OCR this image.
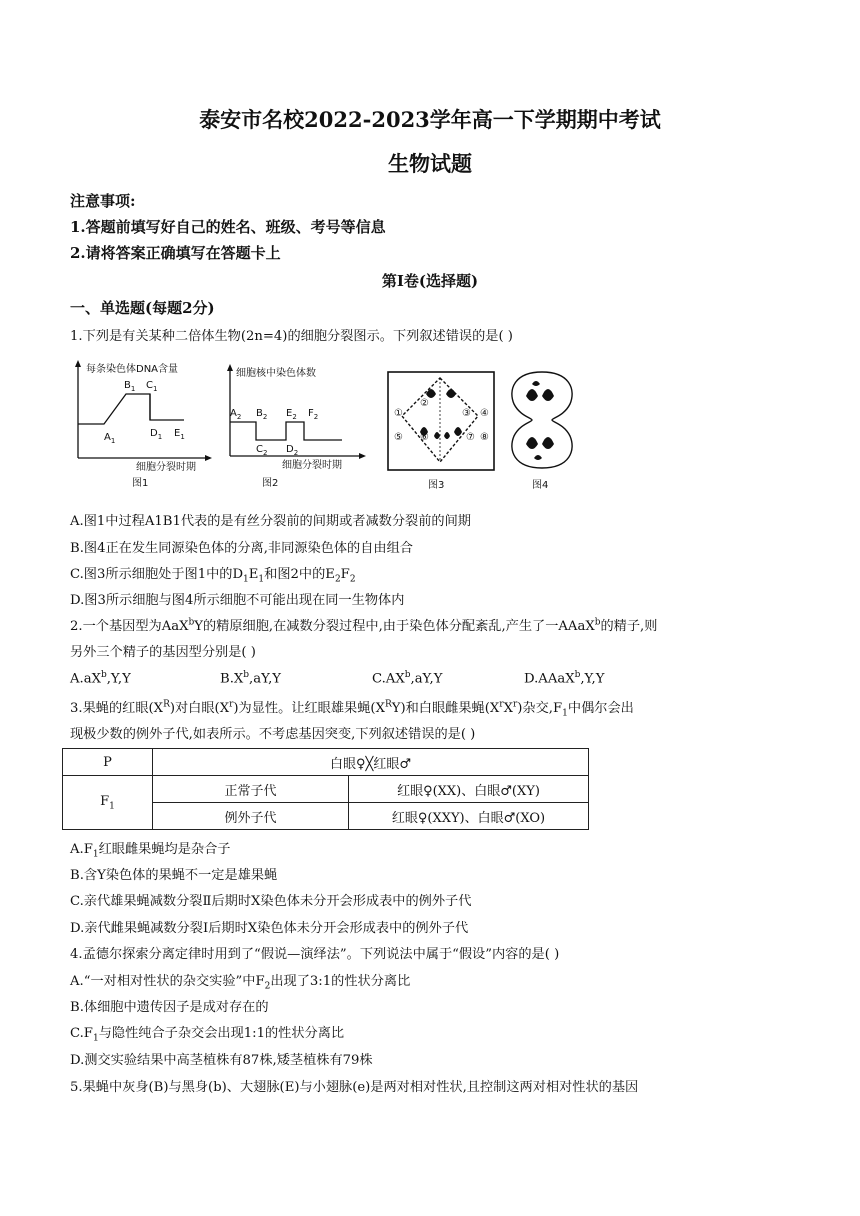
泰安市名校2022-2023学年高一下学期期中考试
生物试题
注意事项:
1.答题前填写好自己的姓名、班级、考号等信息
2.请将答案正确填写在答题卡上
第I卷(选择题)
一、单选题(每题2分)
1.下列是有关某种二倍体生物(2n=4)的细胞分裂图示。下列叙述错误的是( )
每条染色体DNA含量
$B_1$ $C_1$
$A_1$
$D_1$ $E_1$
细胞分裂时期
图1
细胞核中染色体数
$A_2$ $B_2$
$C_2$ $D_2$
$E_2$ $F_2$
细胞分裂时期
图2
①
②
③ ④
⑤ ⑥	⑦ ⑧
图3	图4
A.图1中过程A1B1代表的是有丝分裂前的间期或者减数分裂前的间期
B.图4正在发生同源染色体的分离,非同源染色体的自由组合
C.图3所示细胞处于图1中的$D_1E_1$和图2中的$E_2F_2$
D.图3所示细胞与图4所示细胞不可能出现在同一生物体内
2.一个基因型为AaX$^b$Y的精原细胞,在减数分裂过程中,由于染色体分配紊乱,产生了一AAaX$^b$的精子,则
另外三个精子的基因型分别是( )
$A.aX^b,Y,Y$	$B.X^b,aY,Y$	$C.AX^b,aY,Y$	D.AAaX$^b$,Y,Y
3.果蝇的红眼$(X^R)$对白眼$(X^r)$为显性。让红眼雄果蝇$(X^RY)$和白眼雌果蝇$(X^rX^r)$杂交$,F_1$中偶尔会出
现极少数的例外子代,如表所示。不考虑基因突变,下列叙述错误的是( )
P	白眼♀╳红眼♂	
$F_1$	正常子代	红眼♀(XX)、白眼♂(XY)
	例外子代	红眼♀(XXY)、白眼♂(XO)
$A.F_1$红眼雌果蝇均是杂合子
B.含Y染色体的果蝇不一定是雄果蝇
C.亲代雄果蝇减数分裂Ⅱ后期时X染色体未分开会形成表中的例外子代
D.亲代雌果蝇减数分裂Ⅰ后期时X染色体未分开会形成表中的例外子代
4.孟德尔探索分离定律时用到了“假说—演绎法”。下列说法中属于“假设”内容的是( )
A.“一对相对性状的杂交实验”中$F_2$出现了3:1的性状分离比
B.体细胞中遗传因子是成对存在的
$C.F_1$与隐性纯合子杂交会出现1:1的性状分离比
D.测交实验结果中高茎植株有87株,矮茎植株有79株
5.果蝇中灰身(B)与黑身(b)、大翅脉(E)与小翅脉(e)是两对相对性状,且控制这两对相对性状的基因
